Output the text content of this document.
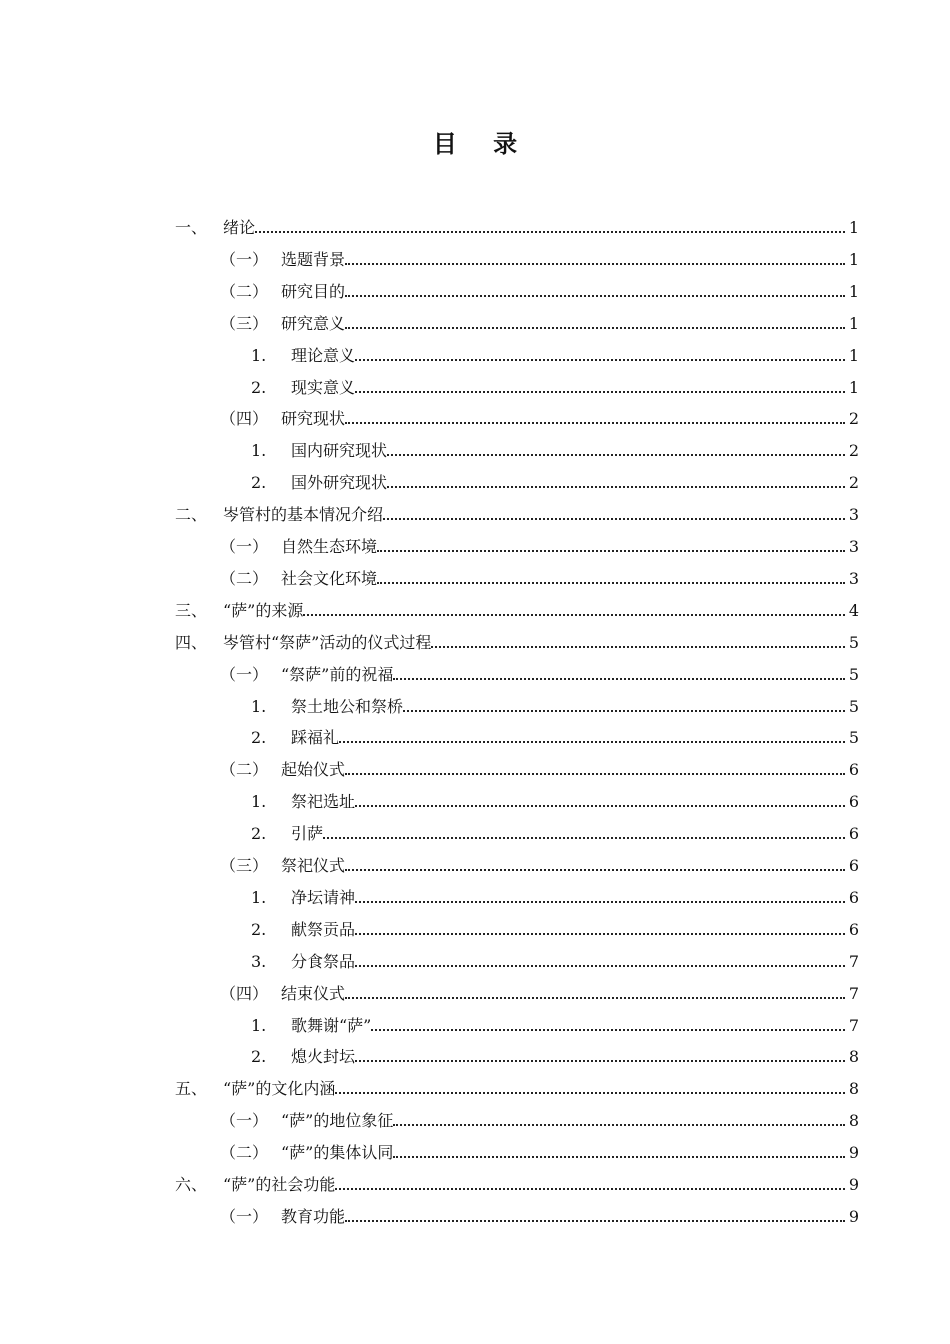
目 录
一、 绪论	1
（一） 选题背景	1
（二） 研究目的	1
（三） 研究意义	1
1.	理论意义	1
2.	现实意义	1
（四） 研究现状	2
1.	国内研究现状	2
2.	国外研究现状	2
二、 岑管村的基本情况介绍	3
（一） 自然生态环境	3
（二） 社会文化环境	3
三、 “萨”的来源	4
四、 岑管村“祭萨”活动的仪式过程	5
（一） “祭萨”前的祝福	5
1.	祭土地公和祭桥	5
2.	踩福礼	5
（二） 起始仪式	6
1.	祭祀选址	6
2.	引萨	6
（三） 祭祀仪式	6
1.	净坛请神	6
2.	献祭贡品	6
3.	分食祭品	7
（四） 结束仪式	7
1.	歌舞谢“萨”	7
2.	熄火封坛	8
五、 “萨”的文化内涵	8
（一） “萨”的地位象征	8
（二） “萨”的集体认同	9
六、 “萨”的社会功能	9
（一） 教育功能	9
